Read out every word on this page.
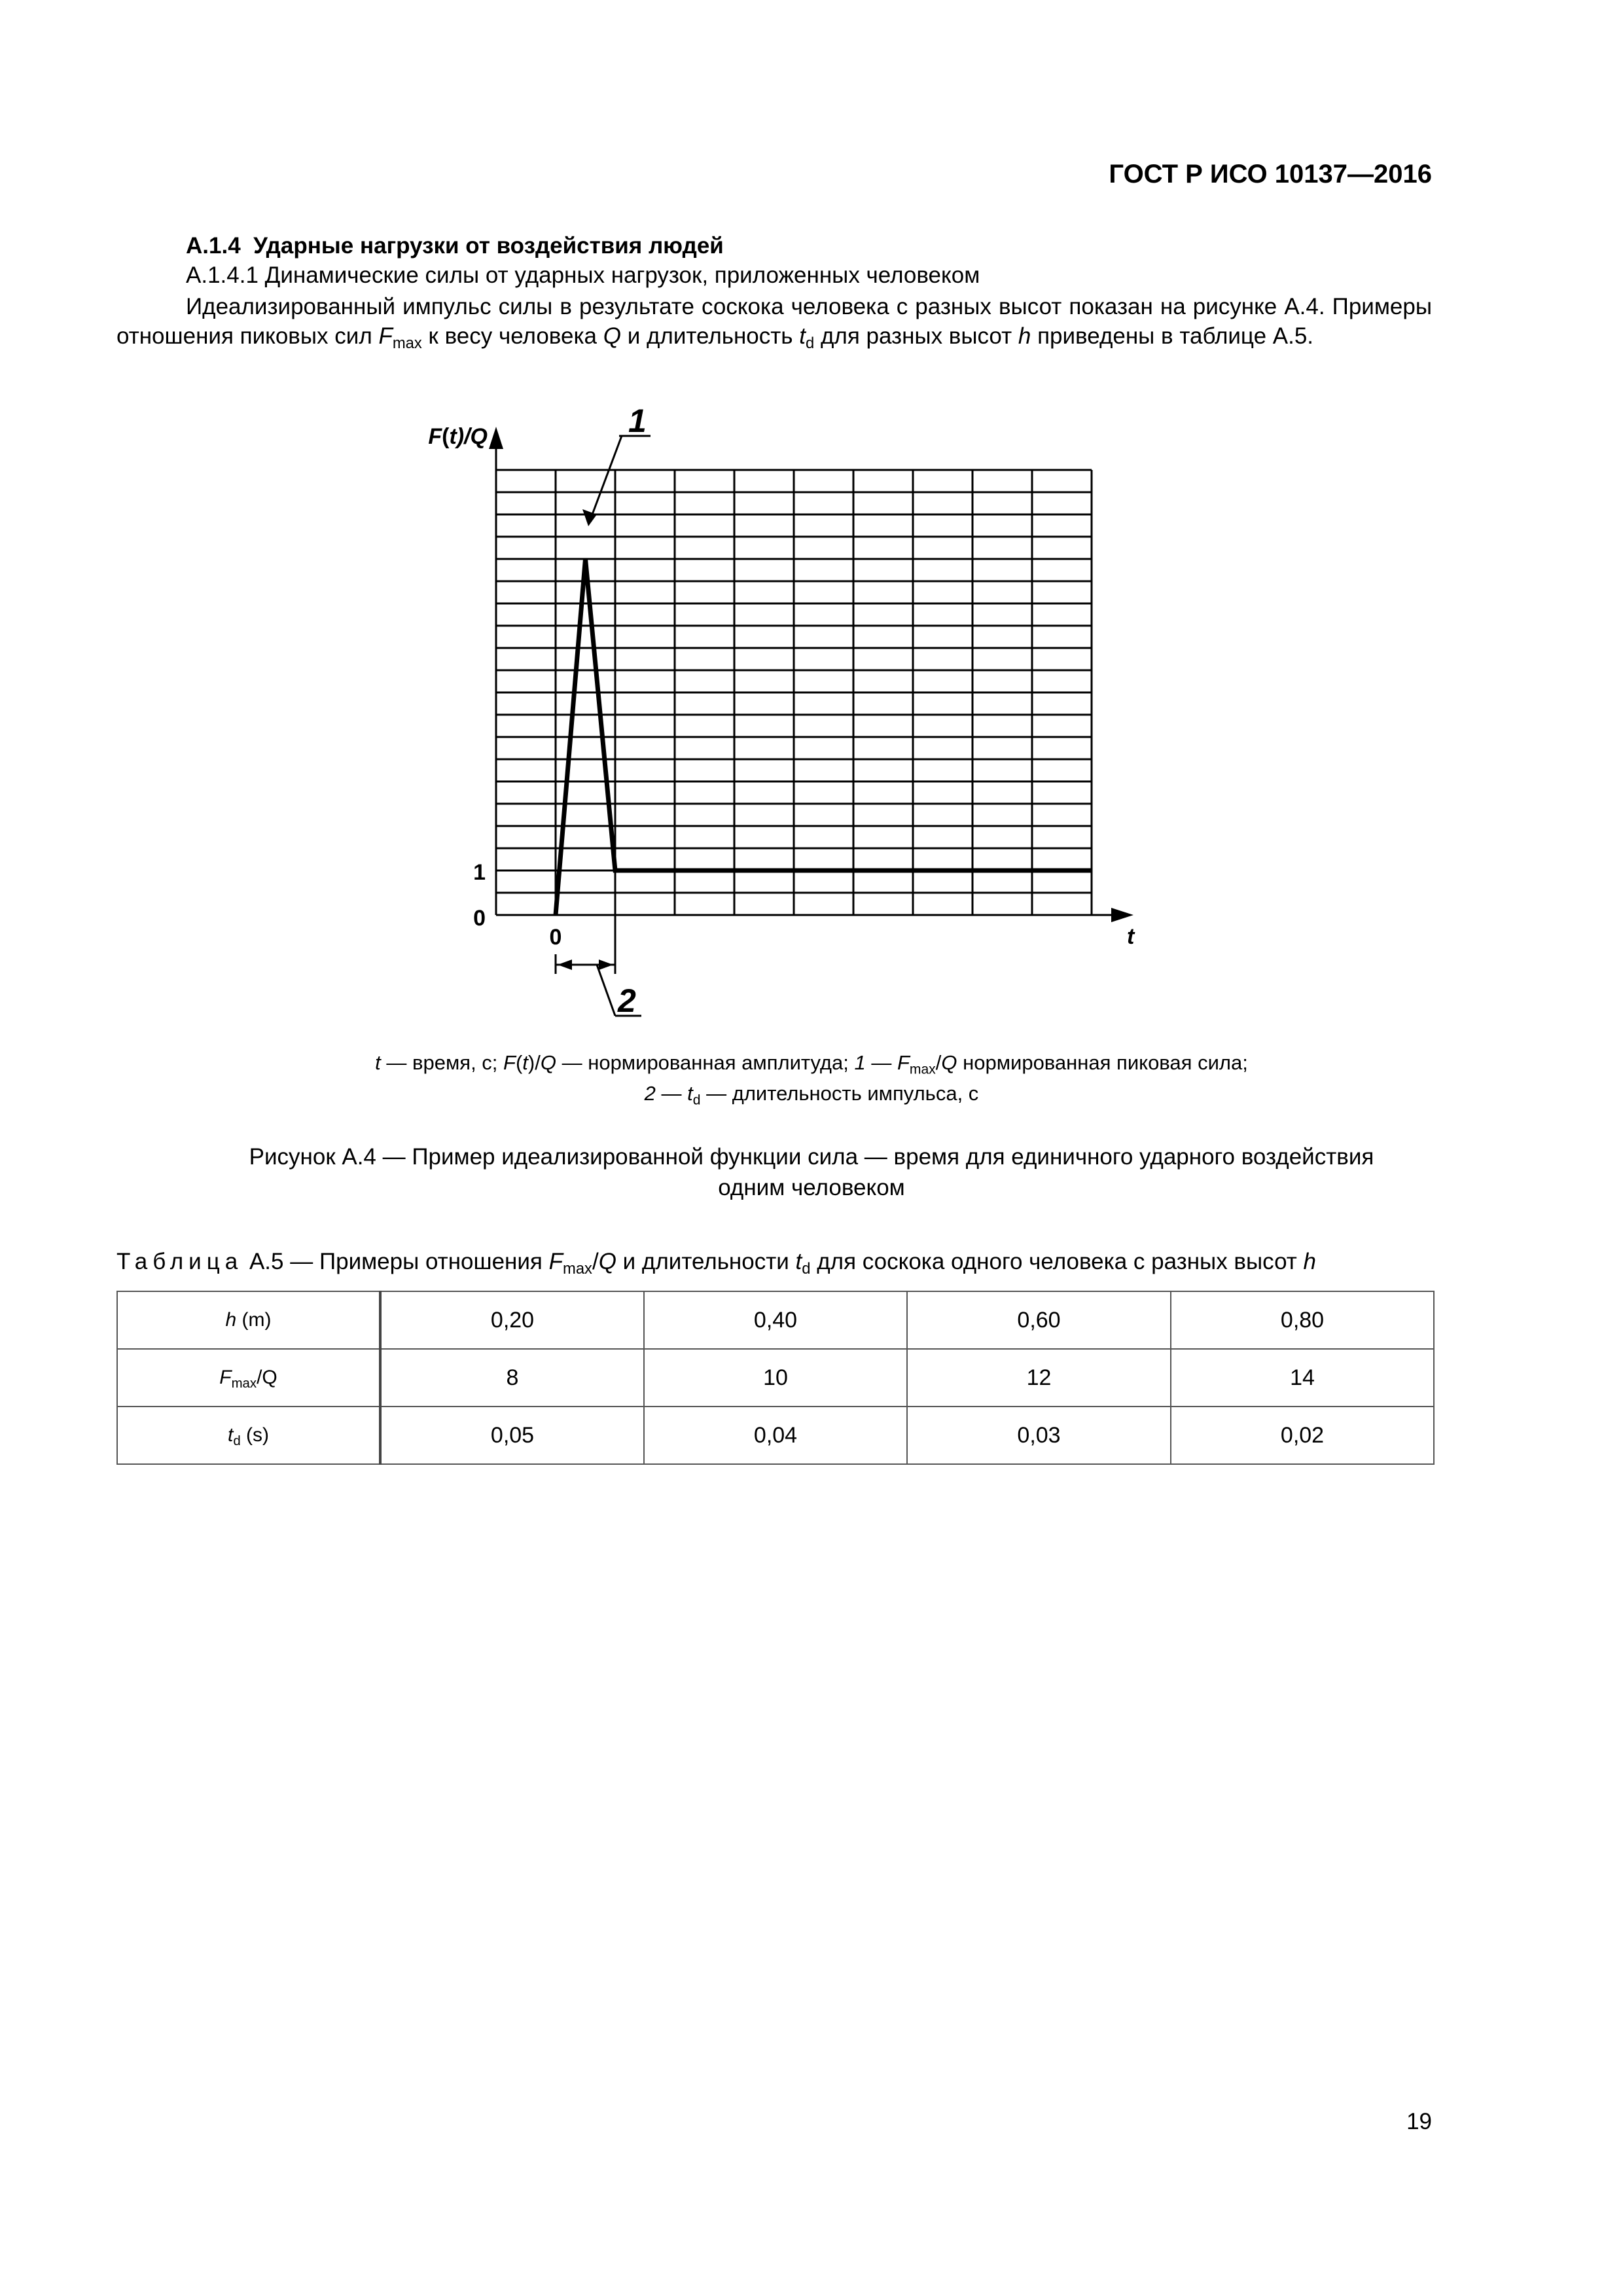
ГОСТ Р ИСО 10137—2016
А.1.4 Ударные нагрузки от воздействия людей
А.1.4.1 Динамические силы от ударных нагрузок, приложенных человеком
Идеализированный импульс силы в результате соскока человека с разных высот показан на рисунке А.4. Примеры отношения пиковых сил $F_{max}$ к весу человека Q и длительность $t_d$ для разных высот h приведены в таблице А.5.
F(t)/Q
t
1
0
0
1
2
t — время, с; F(t)/Q — нормированная амплитуда; 1 — $F_{max}/Q$ нормированная пиковая сила;
2 — $t_d$ — длительность импульса, с
Рисунок А.4 — Пример идеализированной функции сила — время для единичного ударного воздействия
одним человеком
Таблица А.5 — Примеры отношения $F_{max}/Q$ и длительности $t_d$ для соскока одного человека с разных высот h
h (m)	0,20	0,40	0,60	0,80
$F_{max}/Q$	8	10	12	14
$t_d$ (s)	0,05	0,04	0,03	0,02
19
